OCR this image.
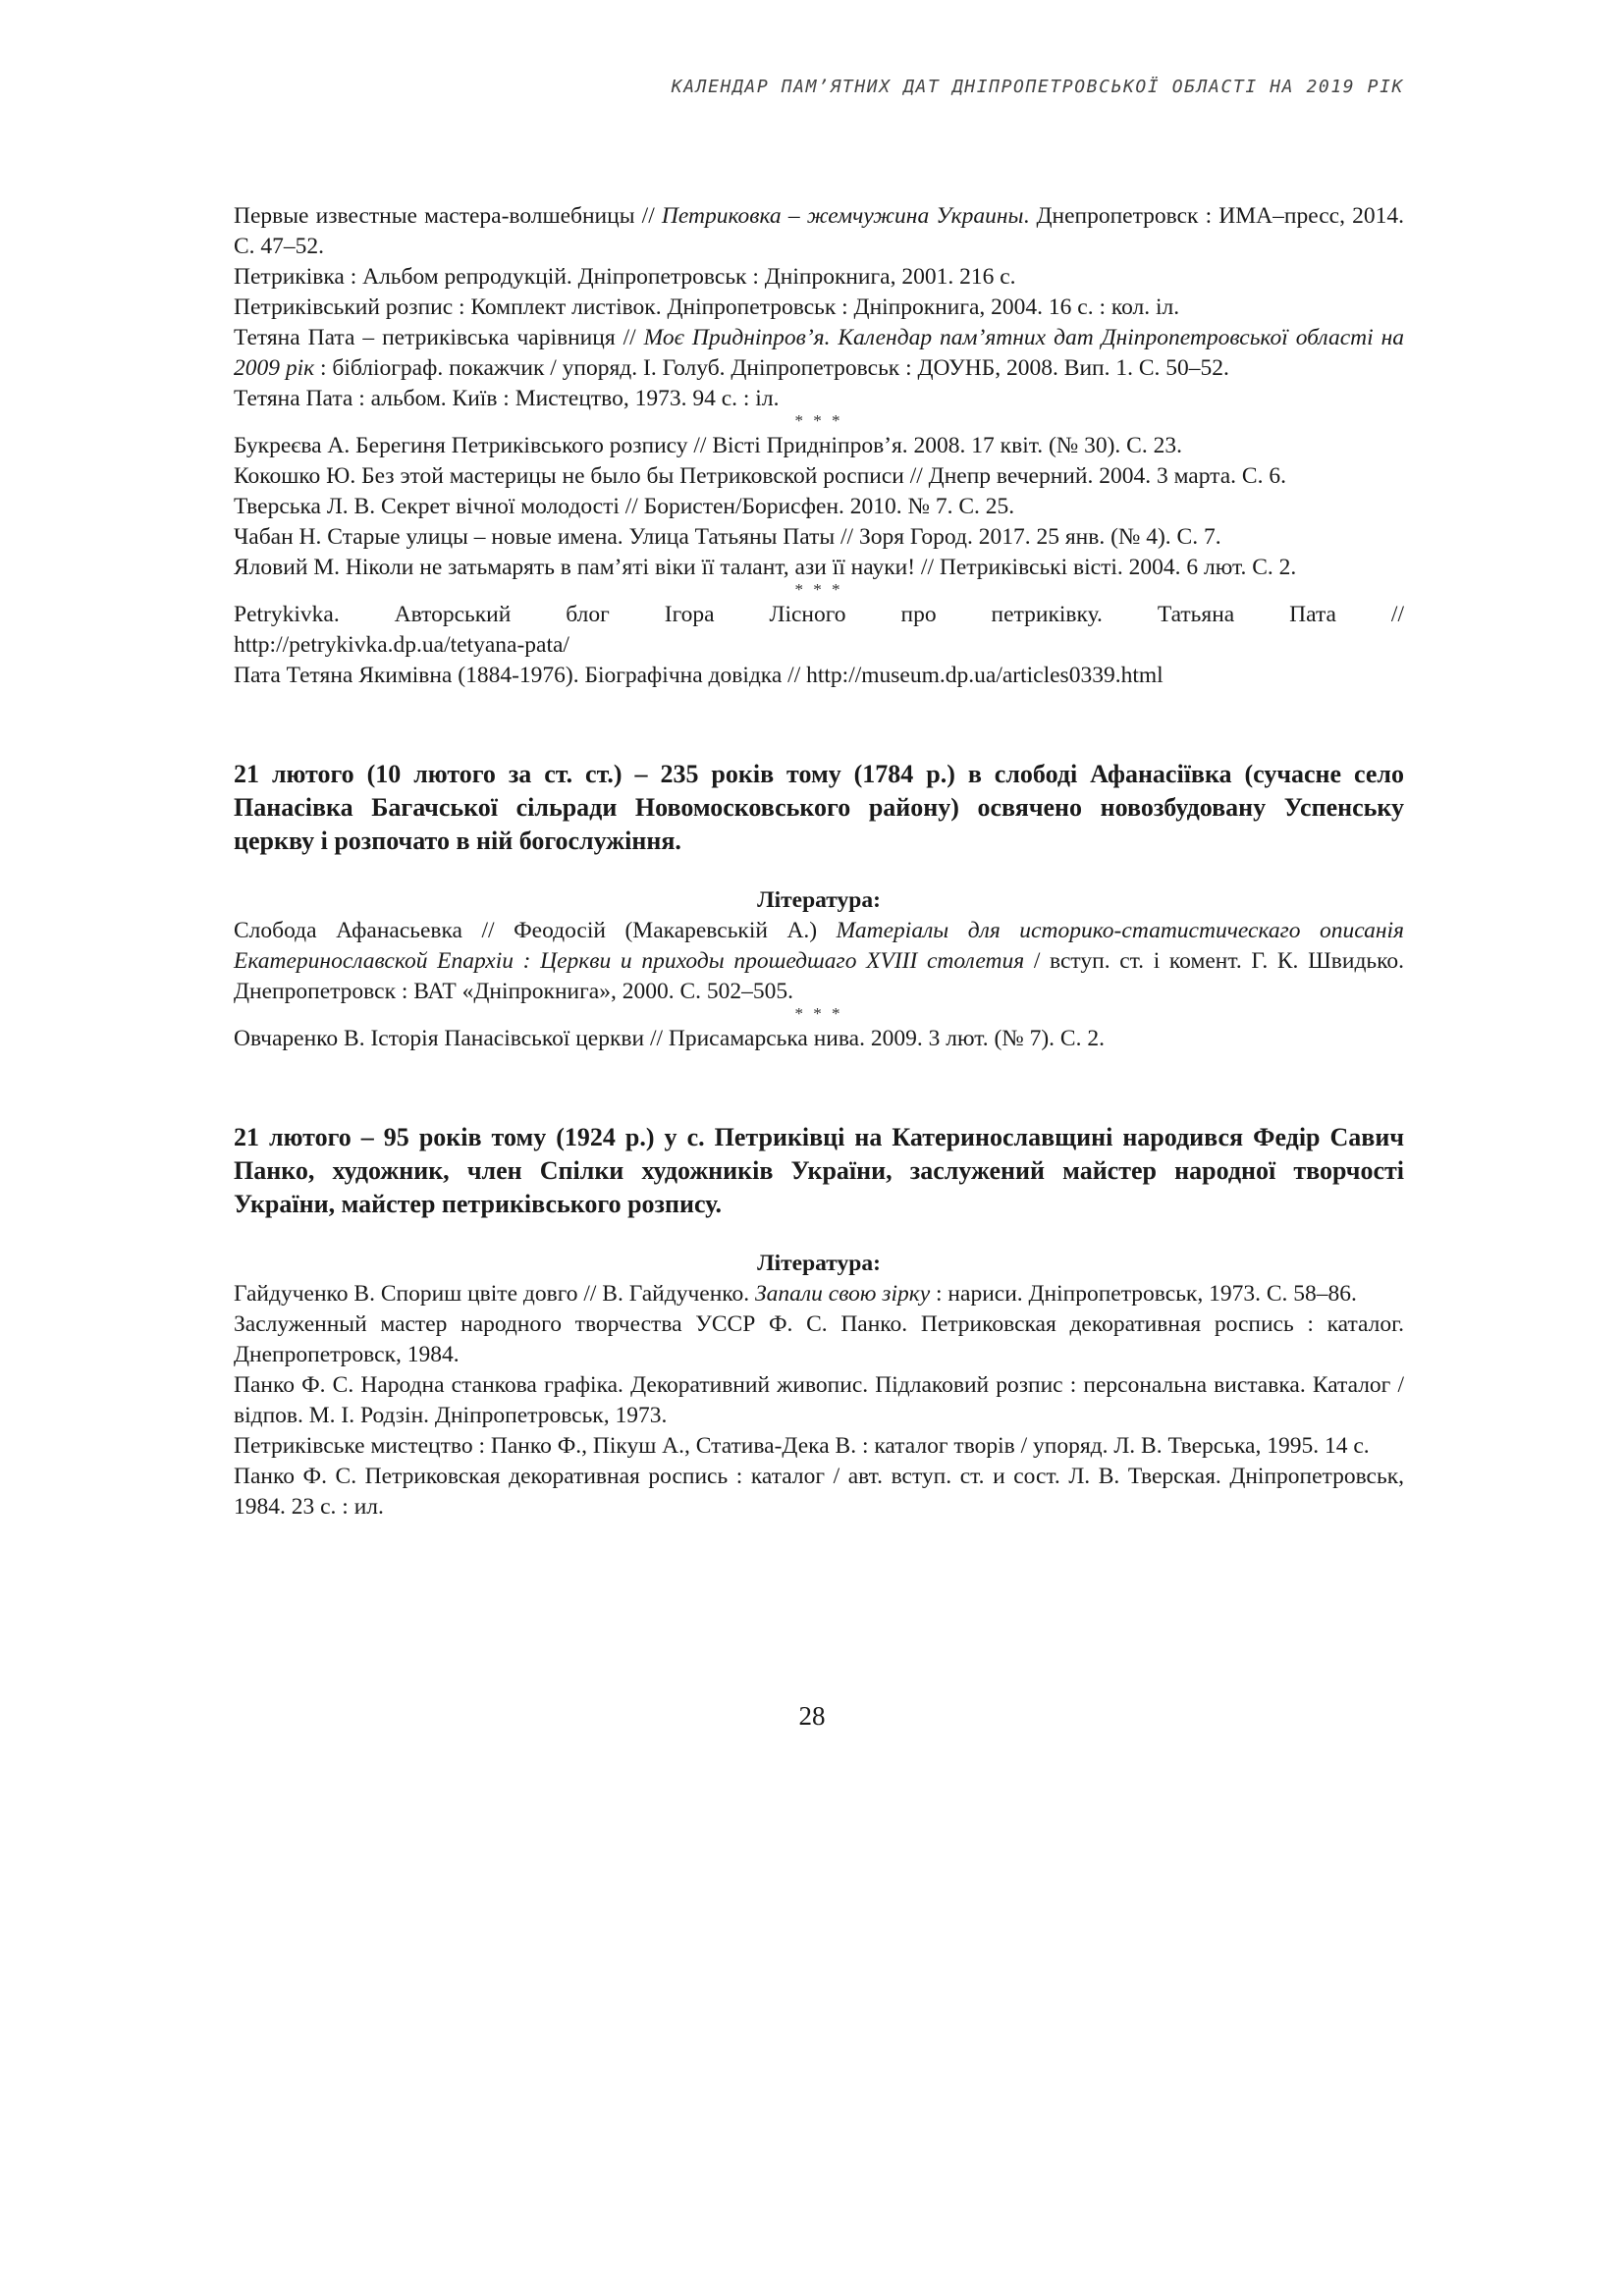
КАЛЕНДАР ПАМ’ЯТНИХ ДАТ ДНІПРОПЕТРОВСЬКОЇ ОБЛАСТІ НА 2019 РІК

Первые известные мастера-волшебницы // Петриковка – жемчужина Украины. Днепропетровск : ИМА–пресс, 2014. С. 47–52.

Петриківка : Альбом репродукцій. Дніпропетровськ : Дніпрокнига, 2001. 216 с.

Петриківський розпис : Комплект листівок. Дніпропетровськ : Дніпрокнига, 2004. 16 с. : кол. іл.

Тетяна Пата – петриківська чарівниця // Моє Придніпров’я. Календар пам’ятних дат Дніпропетровської області на 2009 рік : бібліограф. покажчик / упоряд. І. Голуб. Дніпропетровськ : ДОУНБ, 2008. Вип. 1. С. 50–52.

Тетяна Пата : альбом. Київ : Мистецтво, 1973. 94 с. : іл.

* * *

Букреєва А. Берегиня Петриківського розпису // Вісті Придніпров’я. 2008. 17 квіт. (№ 30). С. 23.

Кокошко Ю. Без этой мастерицы не было бы Петриковской росписи // Днепр вечерний. 2004. 3 марта. С. 6.

Тверська Л. В. Секрет вічної молодості // Бористен/Борисфен. 2010. № 7. С. 25.

Чабан Н. Старые улицы – новые имена. Улица Татьяны Паты // Зоря Город. 2017. 25 янв. (№ 4). С. 7.

Яловий М. Ніколи не затьмарять в пам’яті віки її талант, ази її науки! // Петриківські вісті. 2004. 6 лют. С. 2.

* * *

Petrykivka. Авторський блог Ігора Лісного про петриківку. Татьяна Пата //

http://petrykivka.dp.ua/tetyana-pata/

Пата Тетяна Якимівна (1884-1976). Біографічна довідка // http://museum.dp.ua/articles0339.html

21 лютого (10 лютого за ст. ст.) – 235 років тому (1784 р.) в слободі Афанасіївка (сучасне село Панасівка Багачської сільради Новомосковського району) освячено новозбудовану Успенську церкву і розпочато в ній богослужіння.

Література:

Слобода Афанасьевка // Феодосій (Макаревській А.) Матеріалы для историко-статистическаго описанія Екатеринославской Епархіи : Церкви и приходы прошедшаго XVIII столетия / вступ. ст. і комент. Г. К. Швидько. Днепропетровск : ВАТ «Дніпрокнига», 2000. С. 502–505.

* * *

Овчаренко В. Історія Панасівської церкви // Присамарська нива. 2009. 3 лют. (№ 7). С. 2.

21 лютого – 95 років тому (1924 р.) у с. Петриківці на Катеринославщині народився Федір Савич Панко, художник, член Спілки художників України, заслужений майстер народної творчості України, майстер петриківського розпису.

Література:

Гайдученко В. Спориш цвіте довго // В. Гайдученко. Запали свою зірку : нариси. Дніпропетровськ, 1973. С. 58–86.

Заслуженный мастер народного творчества УССР Ф. С. Панко. Петриковская декоративная роспись : каталог. Днепропетровск, 1984.

Панко Ф. С. Народна станкова графіка. Декоративний живопис. Підлаковий розпис : персональна виставка. Каталог / відпов. М. І. Родзін. Дніпропетровськ, 1973.

Петриківське мистецтво : Панко Ф., Пікуш А., Статива-Дека В. : каталог творів / упоряд. Л. В. Тверська, 1995. 14 с.

Панко Ф. С. Петриковская декоративная роспись : каталог / авт. вступ. ст. и сост. Л. В. Тверская. Дніпропетровськ, 1984. 23 с. : ил.

28
